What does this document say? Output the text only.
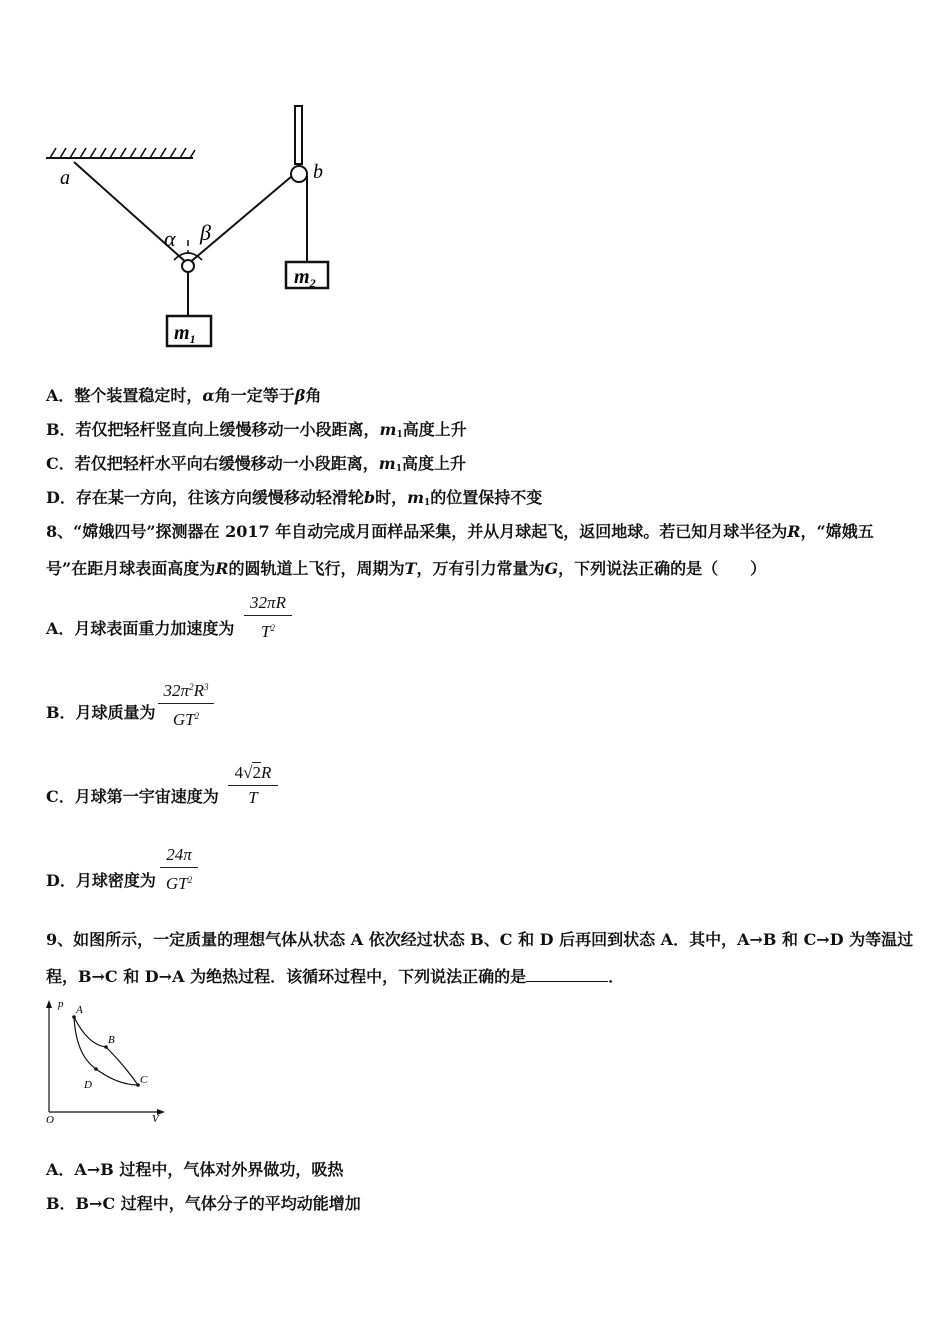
a	b
α β
$m_2$
$m_1$
A．整个装置稳定时，α角一定等于β角
B．若仅把轻杆竖直向上缓慢移动一小段距离，$m_1$高度上升
C．若仅把轻杆水平向右缓慢移动一小段距离，$m_1$高度上升
D．存在某一方向，往该方向缓慢移动轻滑轮b时，$m_1$的位置保持不变
8、“嫦娥四号”探测器在 2017 年自动完成月面样品采集，并从月球起飞，返回地球。若已知月球半径为R，“嫦娥五
号”在距月球表面高度为R的圆轨道上飞行，周期为T，万有引力常量为G，下列说法正确的是（　　）
A．月球表面重力加速度为
32πR
$T^2$
B．月球质量为
$32\pi^2R^3$
$GT^2$
C．月球第一宇宙速度为
4√2R
T
D．月球密度为
24π
$GT^2$
9、如图所示，一定质量的理想气体从状态 A 依次经过状态 B、C 和 D 后再回到状态 A．其中，A→B 和 C→D 为等温过
程，B→C 和 D→A 为绝热过程．该循环过程中，下列说法正确的是	．
p
V
O
A
B
C
D
A．A→B 过程中，气体对外界做功，吸热
B．B→C 过程中，气体分子的平均动能增加
